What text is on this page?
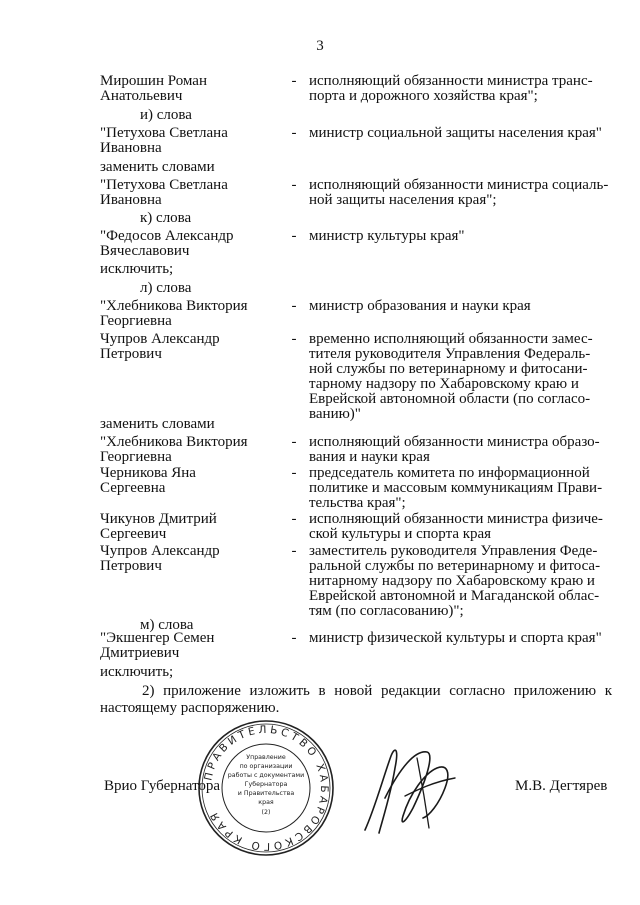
3
Мирошин Роман
Анатольевич
- исполняющий обязанности министра транс-
порта и дорожного хозяйства края";
и) слова
"Петухова Светлана
Ивановна
- министр социальной защиты населения края"
заменить словами
"Петухова Светлана
Ивановна
- исполняющий обязанности министра социаль-
ной защиты населения края";
к) слова
"Федосов Александр
Вячеславович
- министр культуры края"
исключить;
л) слова
"Хлебникова Виктория
Георгиевна
- министр образования и науки края
Чупров Александр
Петрович
- временно исполняющий обязанности замес-
тителя руководителя Управления Федераль-
ной службы по ветеринарному и фитосани-
тарному надзору по Хабаровскому краю и
Еврейской автономной области (по согласо-
ванию)"
заменить словами
"Хлебникова Виктория
Георгиевна
- исполняющий обязанности министра образо-
вания и науки края
Черникова Яна
Сергеевна
- председатель комитета по информационной
политике и массовым коммуникациям Прави-
тельства края";
Чикунов Дмитрий
Сергеевич
- исполняющий обязанности министра физиче-
ской культуры и спорта края
Чупров Александр
Петрович
- заместитель руководителя Управления Феде-
ральной службы по ветеринарному и фитоса-
нитарному надзору по Хабаровскому краю и
Еврейской автономной и Магаданской облас-
тям (по согласованию)";
м) слова
"Экшенгер Семен
Дмитриевич
- министр физической культуры и спорта края"
исключить;
2) приложение изложить в новой редакции согласно приложению к настоящему распоряжению.
Врио Губернатора
ПРАВИТЕЛЬСТВО ХАБАРОВСКОГО КРАЯ
Управление
по организации
работы с документами
Губернатора
и Правительства
края
(2)
М.В. Дегтярев
